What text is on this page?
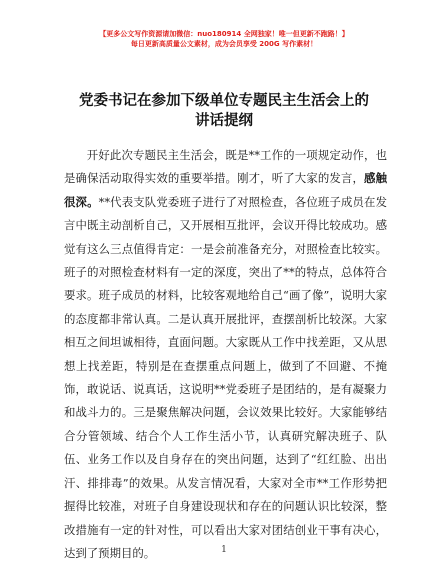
【更多公文写作资源请加微信：nuo180914 全网独家！唯一但更新不跑路！】
每日更新高质量公文素材，成为会员享受 200G 写作素材！
党委书记在参加下级单位专题民主生活会上的
讲话提纲

开好此次专题民主生活会，既是**工作的一项规定动作，也是确保活动取得实效的重要举措。刚才，听了大家的发言，感触很深。**代表支队党委班子进行了对照检查，各位班子成员在发言中既主动剖析自己，又开展相互批评，会议开得比较成功。感觉有这么三点值得肯定：一是会前准备充分，对照检查比较实。班子的对照检查材料有一定的深度，突出了**的特点，总体符合要求。班子成员的材料，比较客观地给自己“画了像”，说明大家的态度都非常认真。二是认真开展批评，查摆剖析比较深。大家相互之间坦诚相待，直面问题。大家既从工作中找差距，又从思想上找差距，特别是在查摆重点问题上，做到了不回避、不掩饰，敢说话、说真话，这说明**党委班子是团结的，是有凝聚力和战斗力的。三是聚焦解决问题，会议效果比较好。大家能够结合分管领域、结合个人工作生活小节，认真研究解决班子、队伍、业务工作以及自身存在的突出问题，达到了“红红脸、出出汗、排排毒”的效果。从发言情况看，大家对全市**工作形势把握得比较准，对班子自身建设现状和存在的问题认识比较深，整改措施有一定的针对性，可以看出大家对团结创业干事有决心，达到了预期目的。	1
